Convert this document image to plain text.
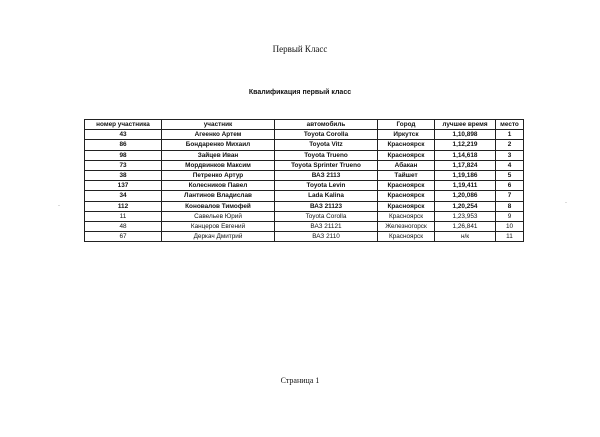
Первый Класс
Квалификация первый класс
номер участника	участник	автомобиль	Город	лучшее время	место
43	Агеенко Артем	Toyota Corolla	Иркутск	1,10,898	1
86	Бондаренко Михаил	Toyota Vitz	Красноярск	1,12,219	2
98	Зайцев Иван	Toyota Trueno	Красноярск	1,14,618	3
73	Мордвинков Максим	Toyota Sprinter Trueno	Абакан	1,17,824	4
38	Петренко Артур	ВАЗ 2113	Тайшет	1,19,186	5
137	Колесников Павел	Toyota Levin	Красноярск	1,19,411	6
34	Лантинов Владислав	Lada Kalina	Красноярск	1,20,086	7
112	Коновалов Тимофей	ВАЗ 21123	Красноярск	1,20,254	8
11	Савельев Юрий	Toyota Corolla	Красноярск	1,23,953	9
48	Канцеров Евгений	ВАЗ 21121	Железногорск	1,26,841	10
67	Деркач Дмитрий	ВАЗ 2110	Красноярск	н/к	11
·	·
Страница 1
